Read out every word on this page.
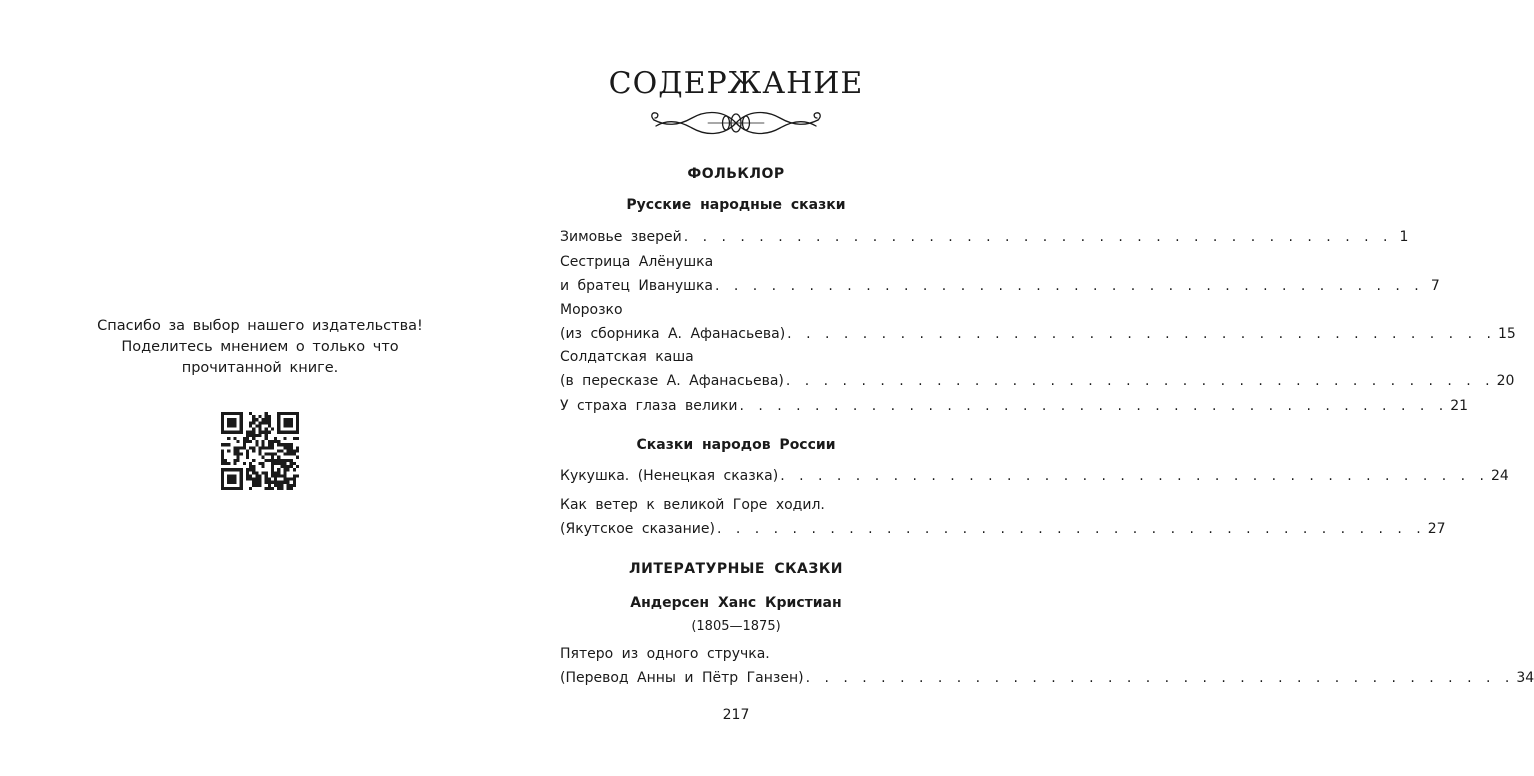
Спасибо за выбор нашего издательства!
Поделитесь мнением о только что
прочитанной книге.
СОДЕРЖАНИЕ
ФОЛЬКЛОР
Русские народные сказки
Зимовье зверей . . . . . . . . . . . . . . . . . . . . . . . . . . . . . . . . . . . . . . 1
Сестрица Алёнушка
и братец Иванушка . . . . . . . . . . . . . . . . . . . . . . . . . . . . . . . . . . . . . . 7
Морозко
(из сборника А. Афанасьева) . . . . . . . . . . . . . . . . . . . . . . . . . . . . . . . . . . . . . . 15
Солдатская каша
(в пересказе А. Афанасьева) . . . . . . . . . . . . . . . . . . . . . . . . . . . . . . . . . . . . . . 20
У страха глаза велики . . . . . . . . . . . . . . . . . . . . . . . . . . . . . . . . . . . . . . 21
Сказки народов России
Кукушка. (Ненецкая сказка) . . . . . . . . . . . . . . . . . . . . . . . . . . . . . . . . . . . . . . 24
Как ветер к великой Горе ходил.
(Якутское сказание) . . . . . . . . . . . . . . . . . . . . . . . . . . . . . . . . . . . . . . 27
ЛИТЕРАТУРНЫЕ СКАЗКИ
Андерсен Ханс Кристиан
(1805—1875)
Пятеро из одного стручка.
(Перевод Анны и Пётр Ганзен) . . . . . . . . . . . . . . . . . . . . . . . . . . . . . . . . . . . . . . 34
217
